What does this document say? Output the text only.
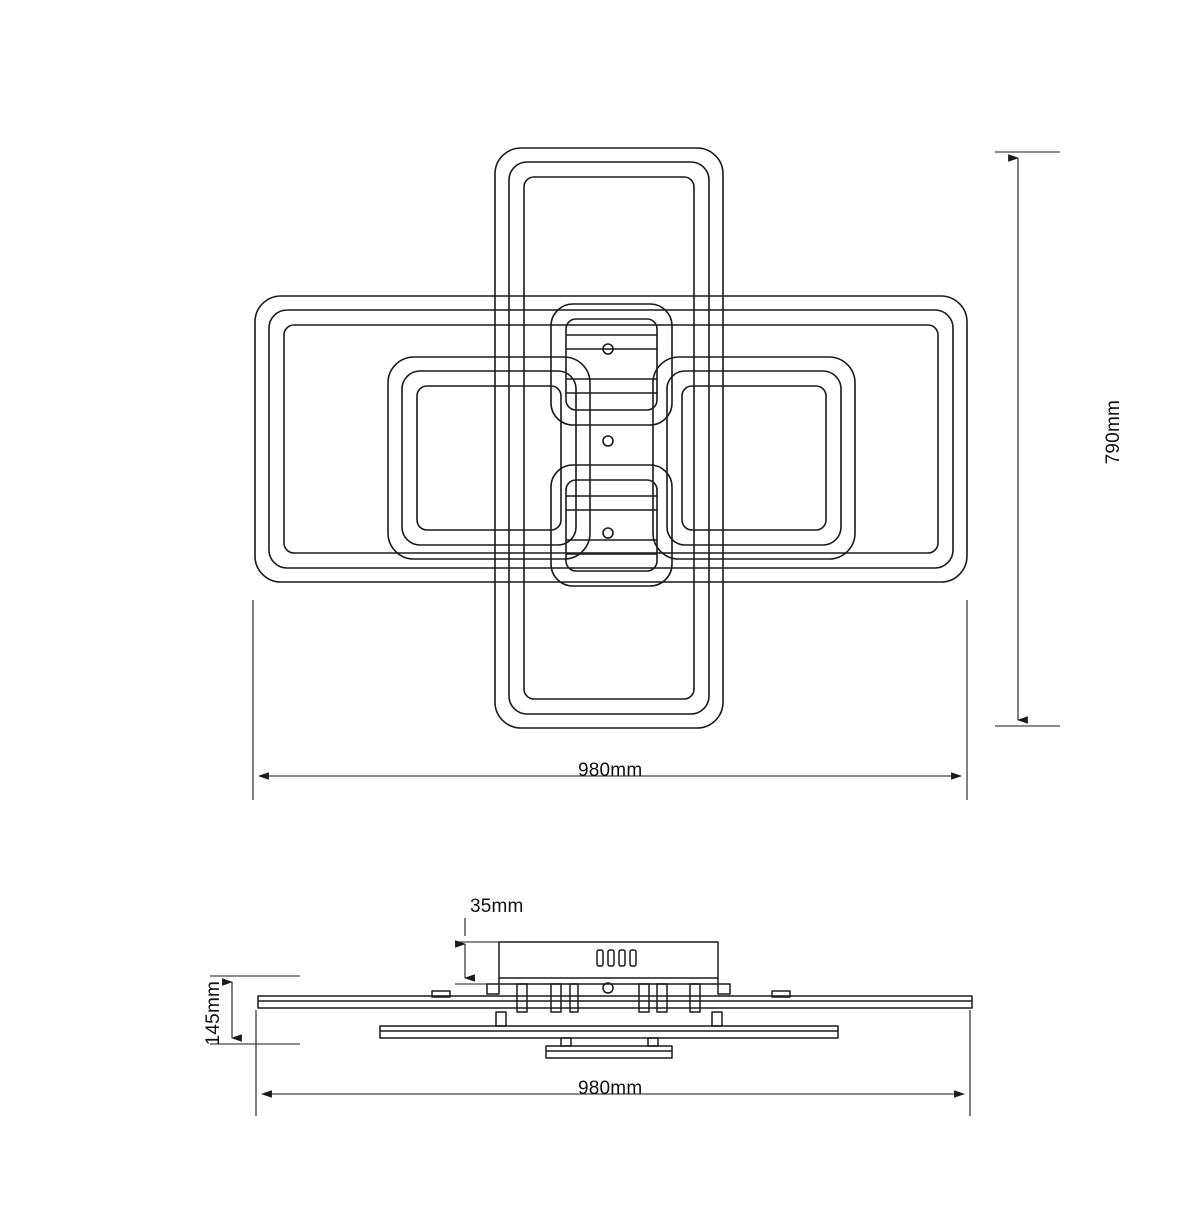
790mm
980mm
35mm
145mm
980mm
